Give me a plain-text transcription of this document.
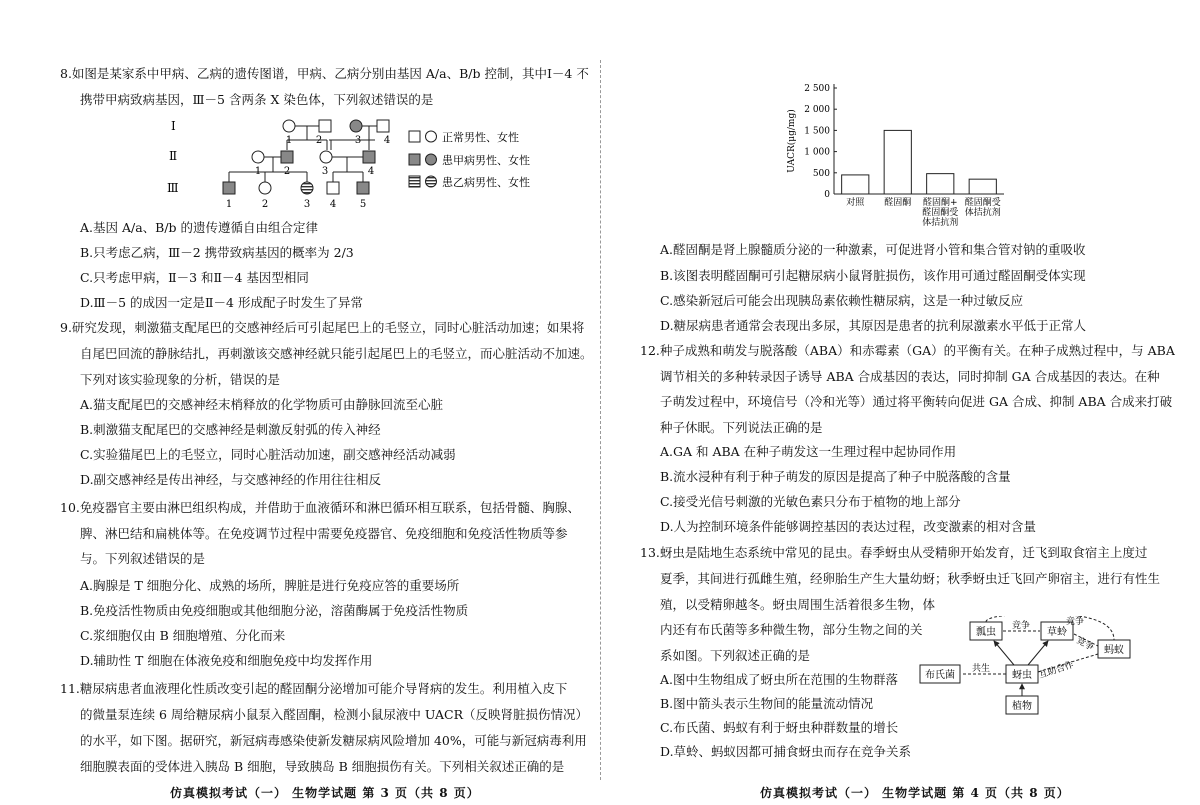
8.如图是某家系中甲病、乙病的遗传图谱，甲病、乙病分别由基因 A/a、B/b 控制，其中Ⅰ－4 不
携带甲病致病基因，Ⅲ－5 含两条 X 染色体，下列叙述错误的是
Ⅰ
Ⅱ
Ⅲ
1 2	3 4
1 2	3	4
1	2	3 4 5
正常男性、女性
患甲病男性、女性
患乙病男性、女性
A.基因 A/a、B/b 的遗传遵循自由组合定律
B.只考虑乙病，Ⅲ－2 携带致病基因的概率为 2/3
C.只考虑甲病，Ⅱ－3 和Ⅱ－4 基因型相同
D.Ⅲ－5 的成因一定是Ⅱ－4 形成配子时发生了异常
9.研究发现，刺激猫支配尾巴的交感神经后可引起尾巴上的毛竖立，同时心脏活动加速；如果将
自尾巴回流的静脉结扎，再刺激该交感神经就只能引起尾巴上的毛竖立，而心脏活动不加速。
下列对该实验现象的分析，错误的是
A.猫支配尾巴的交感神经末梢释放的化学物质可由静脉回流至心脏
B.刺激猫支配尾巴的交感神经是刺激反射弧的传入神经
C.实验猫尾巴上的毛竖立，同时心脏活动加速，副交感神经活动减弱
D.副交感神经是传出神经，与交感神经的作用往往相反
10.免疫器官主要由淋巴组织构成，并借助于血液循环和淋巴循环相互联系，包括骨髓、胸腺、
脾、淋巴结和扁桃体等。在免疫调节过程中需要免疫器官、免疫细胞和免疫活性物质等参
与。下列叙述错误的是
A.胸腺是 T 细胞分化、成熟的场所，脾脏是进行免疫应答的重要场所
B.免疫活性物质由免疫细胞或其他细胞分泌，溶菌酶属于免疫活性物质
C.浆细胞仅由 B 细胞增殖、分化而来
D.辅助性 T 细胞在体液免疫和细胞免疫中均发挥作用
11.糖尿病患者血液理化性质改变引起的醛固酮分泌增加可能介导肾病的发生。利用植入皮下
的微量泵连续 6 周给糖尿病小鼠泵入醛固酮，检测小鼠尿液中 UACR（反映肾脏损伤情况）
的水平，如下图。据研究，新冠病毒感染使新发糖尿病风险增加 40%，可能与新冠病毒利用
细胞膜表面的受体进入胰岛 B 细胞，导致胰岛 B 细胞损伤有关。下列相关叙述正确的是
仿真模拟考试（一） 生物学试题 第 3 页（共 8 页）
0
500
1 000
1 500
2 000
2 500
UACR(μg/mg)
对照 醛固酮 醛固酮+
醛固酮受
体拮抗剂
醛固酮受
体拮抗剂
A.醛固酮是肾上腺髓质分泌的一种激素，可促进肾小管和集合管对钠的重吸收
B.该图表明醛固酮可引起糖尿病小鼠肾脏损伤，该作用可通过醛固酮受体实现
C.感染新冠后可能会出现胰岛素依赖性糖尿病，这是一种过敏反应
D.糖尿病患者通常会表现出多尿，其原因是患者的抗利尿激素水平低于正常人
12.种子成熟和萌发与脱落酸（ABA）和赤霉素（GA）的平衡有关。在种子成熟过程中，与 ABA
调节相关的多种转录因子诱导 ABA 合成基因的表达，同时抑制 GA 合成基因的表达。在种
子萌发过程中，环境信号（冷和光等）通过将平衡转向促进 GA 合成、抑制 ABA 合成来打破
种子休眠。下列说法正确的是
A.GA 和 ABA 在种子萌发这一生理过程中起协同作用
B.流水浸种有利于种子萌发的原因是提高了种子中脱落酸的含量
C.接受光信号刺激的光敏色素只分布于植物的地上部分
D.人为控制环境条件能够调控基因的表达过程，改变激素的相对含量
13.蚜虫是陆地生态系统中常见的昆虫。春季蚜虫从受精卵开始发育，迁飞到取食宿主上度过
夏季，其间进行孤雌生殖，经卵胎生产生大量幼蚜；秋季蚜虫迁飞回产卵宿主，进行有性生
殖，以受精卵越冬。蚜虫周围生活着很多生物，体
内还有布氏菌等多种微生物，部分生物之间的关
系如图。下列叙述正确的是
A.图中生物组成了蚜虫所在范围的生物群落
B.图中箭头表示生物间的能量流动情况
C.布氏菌、蚂蚁有利于蚜虫种群数量的增长
D.草蛉、蚂蚁因都可捕食蚜虫而存在竞争关系
瓢虫	草蛉
蚂蚁
布氏菌	蚜虫
植物
竞争
竞争
竞争
共生	互助合作
仿真模拟考试（一） 生物学试题 第 4 页（共 8 页）
